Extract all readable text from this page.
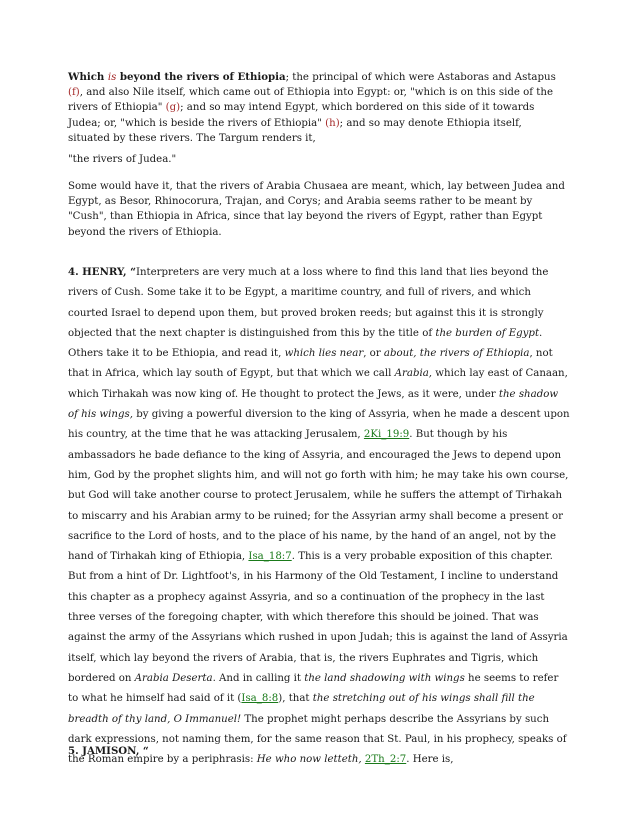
Which is beyond the rivers of Ethiopia; the principal of which were Astaboras and Astapus
(f), and also Nile itself, which came out of Ethiopia into Egypt: or, "which is on this side of the
rivers of Ethiopia" (g); and so may intend Egypt, which bordered on this side of it towards
Judea; or, "which is beside the rivers of Ethiopia" (h); and so may denote Ethiopia itself,
situated by these rivers. The Targum renders it,
"the rivers of Judea."
Some would have it, that the rivers of Arabia Chusaea are meant, which, lay between Judea and
Egypt, as Besor, Rhinocorura, Trajan, and Corys; and Arabia seems rather to be meant by
"Cush", than Ethiopia in Africa, since that lay beyond the rivers of Egypt, rather than Egypt
beyond the rivers of Ethiopia.
4. HENRY, “Interpreters are very much at a loss where to find this land that lies beyond the
rivers of Cush. Some take it to be Egypt, a maritime country, and full of rivers, and which
courted Israel to depend upon them, but proved broken reeds; but against this it is strongly
objected that the next chapter is distinguished from this by the title of the burden of Egypt.
Others take it to be Ethiopia, and read it, which lies near, or about, the rivers of Ethiopia, not
that in Africa, which lay south of Egypt, but that which we call Arabia, which lay east of Canaan,
which Tirhakah was now king of. He thought to protect the Jews, as it were, under the shadow
of his wings, by giving a powerful diversion to the king of Assyria, when he made a descent upon
his country, at the time that he was attacking Jerusalem, 2Ki_19:9. But though by his
ambassadors he bade defiance to the king of Assyria, and encouraged the Jews to depend upon
him, God by the prophet slights him, and will not go forth with him; he may take his own course,
but God will take another course to protect Jerusalem, while he suffers the attempt of Tirhakah
to miscarry and his Arabian army to be ruined; for the Assyrian army shall become a present or
sacrifice to the Lord of hosts, and to the place of his name, by the hand of an angel, not by the
hand of Tirhakah king of Ethiopia, Isa_18:7. This is a very probable exposition of this chapter.
But from a hint of Dr. Lightfoot's, in his Harmony of the Old Testament, I incline to understand
this chapter as a prophecy against Assyria, and so a continuation of the prophecy in the last
three verses of the foregoing chapter, with which therefore this should be joined. That was
against the army of the Assyrians which rushed in upon Judah; this is against the land of Assyria
itself, which lay beyond the rivers of Arabia, that is, the rivers Euphrates and Tigris, which
bordered on Arabia Deserta. And in calling it the land shadowing with wings he seems to refer
to what he himself had said of it (Isa_8:8), that the stretching out of his wings shall fill the
breadth of thy land, O Immanuel! The prophet might perhaps describe the Assyrians by such
dark expressions, not naming them, for the same reason that St. Paul, in his prophecy, speaks of
the Roman empire by a periphrasis: He who now letteth, 2Th_2:7. Here is,
5. JAMISON, “
